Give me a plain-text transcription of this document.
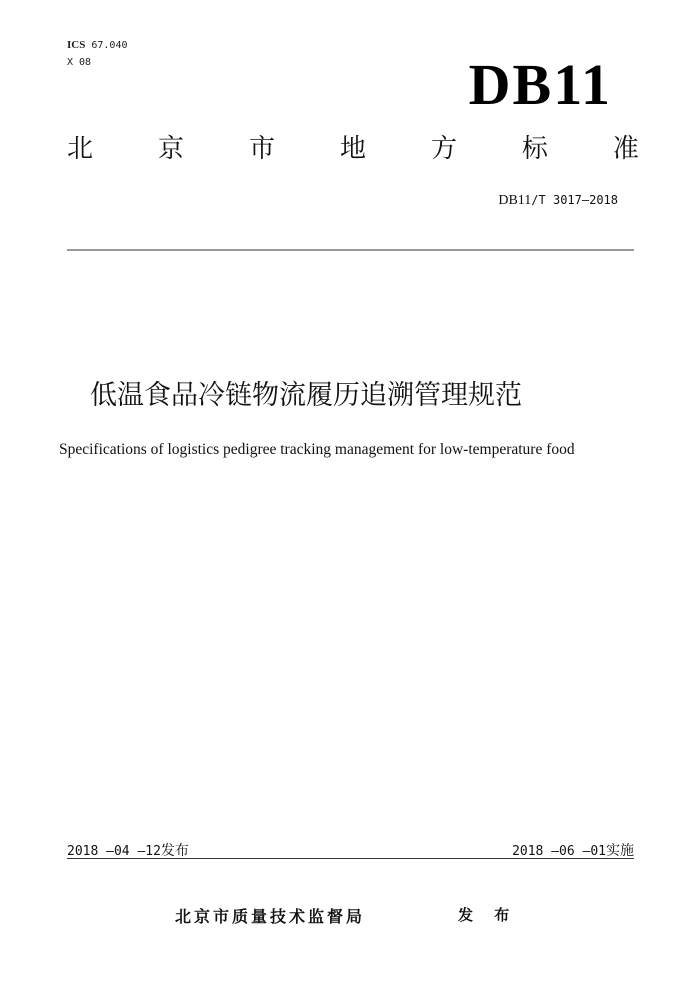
ICS 67.040
X 08	DB11
北 京 市 地 方 标 准
DB11/T 3017—2018
低温食品冷链物流履历追溯管理规范
Specifications of logistics pedigree tracking management for low-temperature food
2018 —04 —12发布	2018 —06 —01实施
北京市质量技术监督局	发 布
